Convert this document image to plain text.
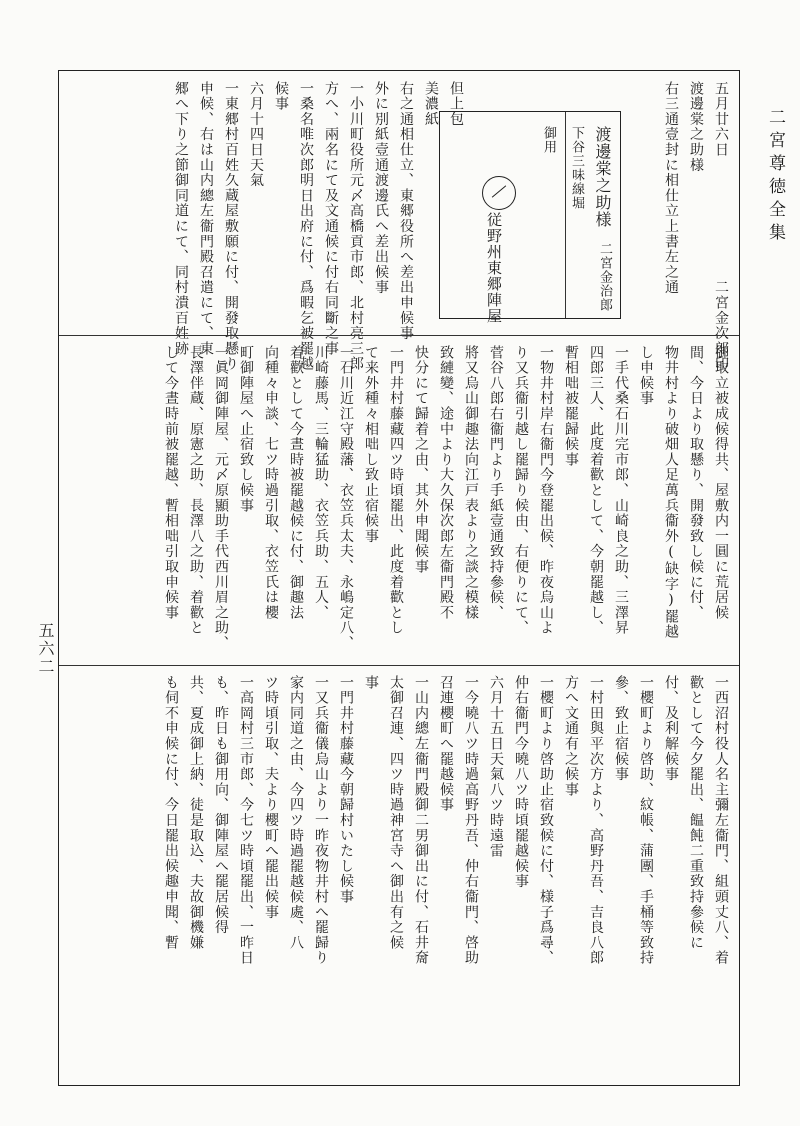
二宮尊徳全集
五六二
五月廿六日　　　　　　　　二宮金次郎印
渡邊棠之助様
右三通壹封に相仕立上書左之通
但上包
美濃紙
右之通相仕立、東郷役所へ差出申候事
外に別紙壹通渡邊氏へ差出候事
一小川町役所元〆高橋貢市郎、北村亮三郎
方へ、兩名にて及文通候に付右同斷之事
一桑名唯次郎明日出府に付、爲暇乞被罷越
候事
六月十四日天氣
一東郷村百姓久蔵屋敷願に付、開發取懸り
申候、右は山内總左衞門殿召遣にて、東
郷へ下り之節御同道にて、同村潰百姓跡	下谷三味線堀 渡邊棠之助様
御用
二宮金治郎
従野州東郷陣屋
御取立被成候得共、屋敷内一圓に荒居候
間、今日より取懸り、開發致し候に付、
物井村より破畑人足萬兵衞外(缺字)罷越
し申候事
一手代桑石川完市郎、山崎良之助、三澤昇
四郎三人、此度着歡として、今朝罷越し、
暫相咄被罷歸候事
一物井村岸右衞門今登罷出候、昨夜烏山よ
り又兵衞引越し罷歸り候由、右便りにて、
菅谷八郎右衞門より手紙壹通致持參候、
將又烏山御趣法向江戸表より之談之模樣
致縺變、途中より大久保次郎左衞門殿不
快分にて歸着之由、其外申聞候事
一門井村藤藏四ツ時頃罷出、此度着歡とし
て来外種々相咄し致止宿候事
一石川近江守殿藩、衣笠兵太夫、永嶋定八、
川崎藤馬、三輪猛助、衣笠兵助、五人、
着歡として今晝時被罷越候に付、御趣法
向種々申談、七ツ時過引取、衣笠氏は櫻
町御陣屋へ止宿致し候事
一眞岡御陣屋、元〆原顯助手代西川眉之助、
長澤伴蔵、原憲之助、長澤八之助、着歡と
して今晝時前被罷越、暫相咄引取申候事
一西沼村役人名主彌左衞門、組頭丈八、着
歡として今夕罷出、饂飩二重致持參候に
付、及利解候事
一櫻町より啓助、紋帳、蒲團、手桶等致持
參、致止宿候事
一村田與平次方より、高野丹吾、吉良八郎
方へ文通有之候事
一櫻町より啓助止宿致候に付、様子爲尋、
仲右衞門今曉八ツ時頃罷越候事
六月十五日天氣八ツ時遠雷
一今曉八ツ時過高野丹吾、仲右衞門、啓助
召連櫻町へ罷越候事
一山内總左衞門殿御二男御出に付、石井奝
太御召連、四ツ時過神宮寺へ御出有之候
事
一門井村藤藏今朝歸村いたし候事
一又兵衞儀烏山より一昨夜物井村へ罷歸り
家内同道之由、今四ツ時過罷越候處、八
ツ時頃引取、夫より櫻町へ罷出候事
一高岡村三市郎、今七ツ時頃罷出、一昨日
も、昨日も御用向、御陣屋へ罷居候得
共、夏成御上納、徒是取込、夫故御機嫌
も伺不申候に付、今日罷出候趣申聞、暫
